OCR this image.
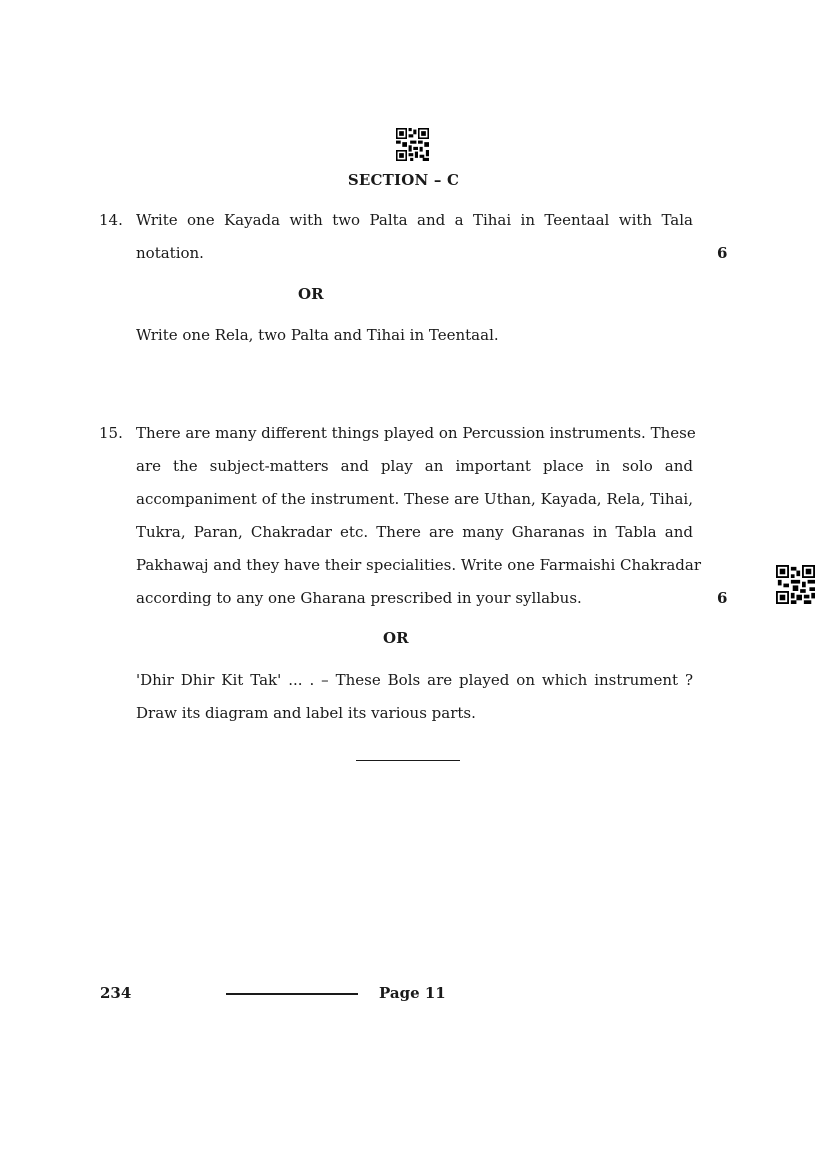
SECTION – C
14. Write one Kayada with two Palta and a Tihai in Teentaal with Tala
notation.	6
OR
Write one Rela, two Palta and Tihai in Teentaal.
15. There are many different things played on Percussion instruments. These
are the subject-matters and play an important place in solo and
accompaniment of the instrument. These are Uthan, Kayada, Rela, Tihai,
Tukra, Paran, Chakradar etc. There are many Gharanas in Tabla and
Pakhawaj and they have their specialities. Write one Farmaishi Chakradar
according to any one Gharana prescribed in your syllabus.	6
OR
'Dhir Dhir Kit Tak' ... . – These Bols are played on which instrument ?
Draw its diagram and label its various parts.
234	Page 11
